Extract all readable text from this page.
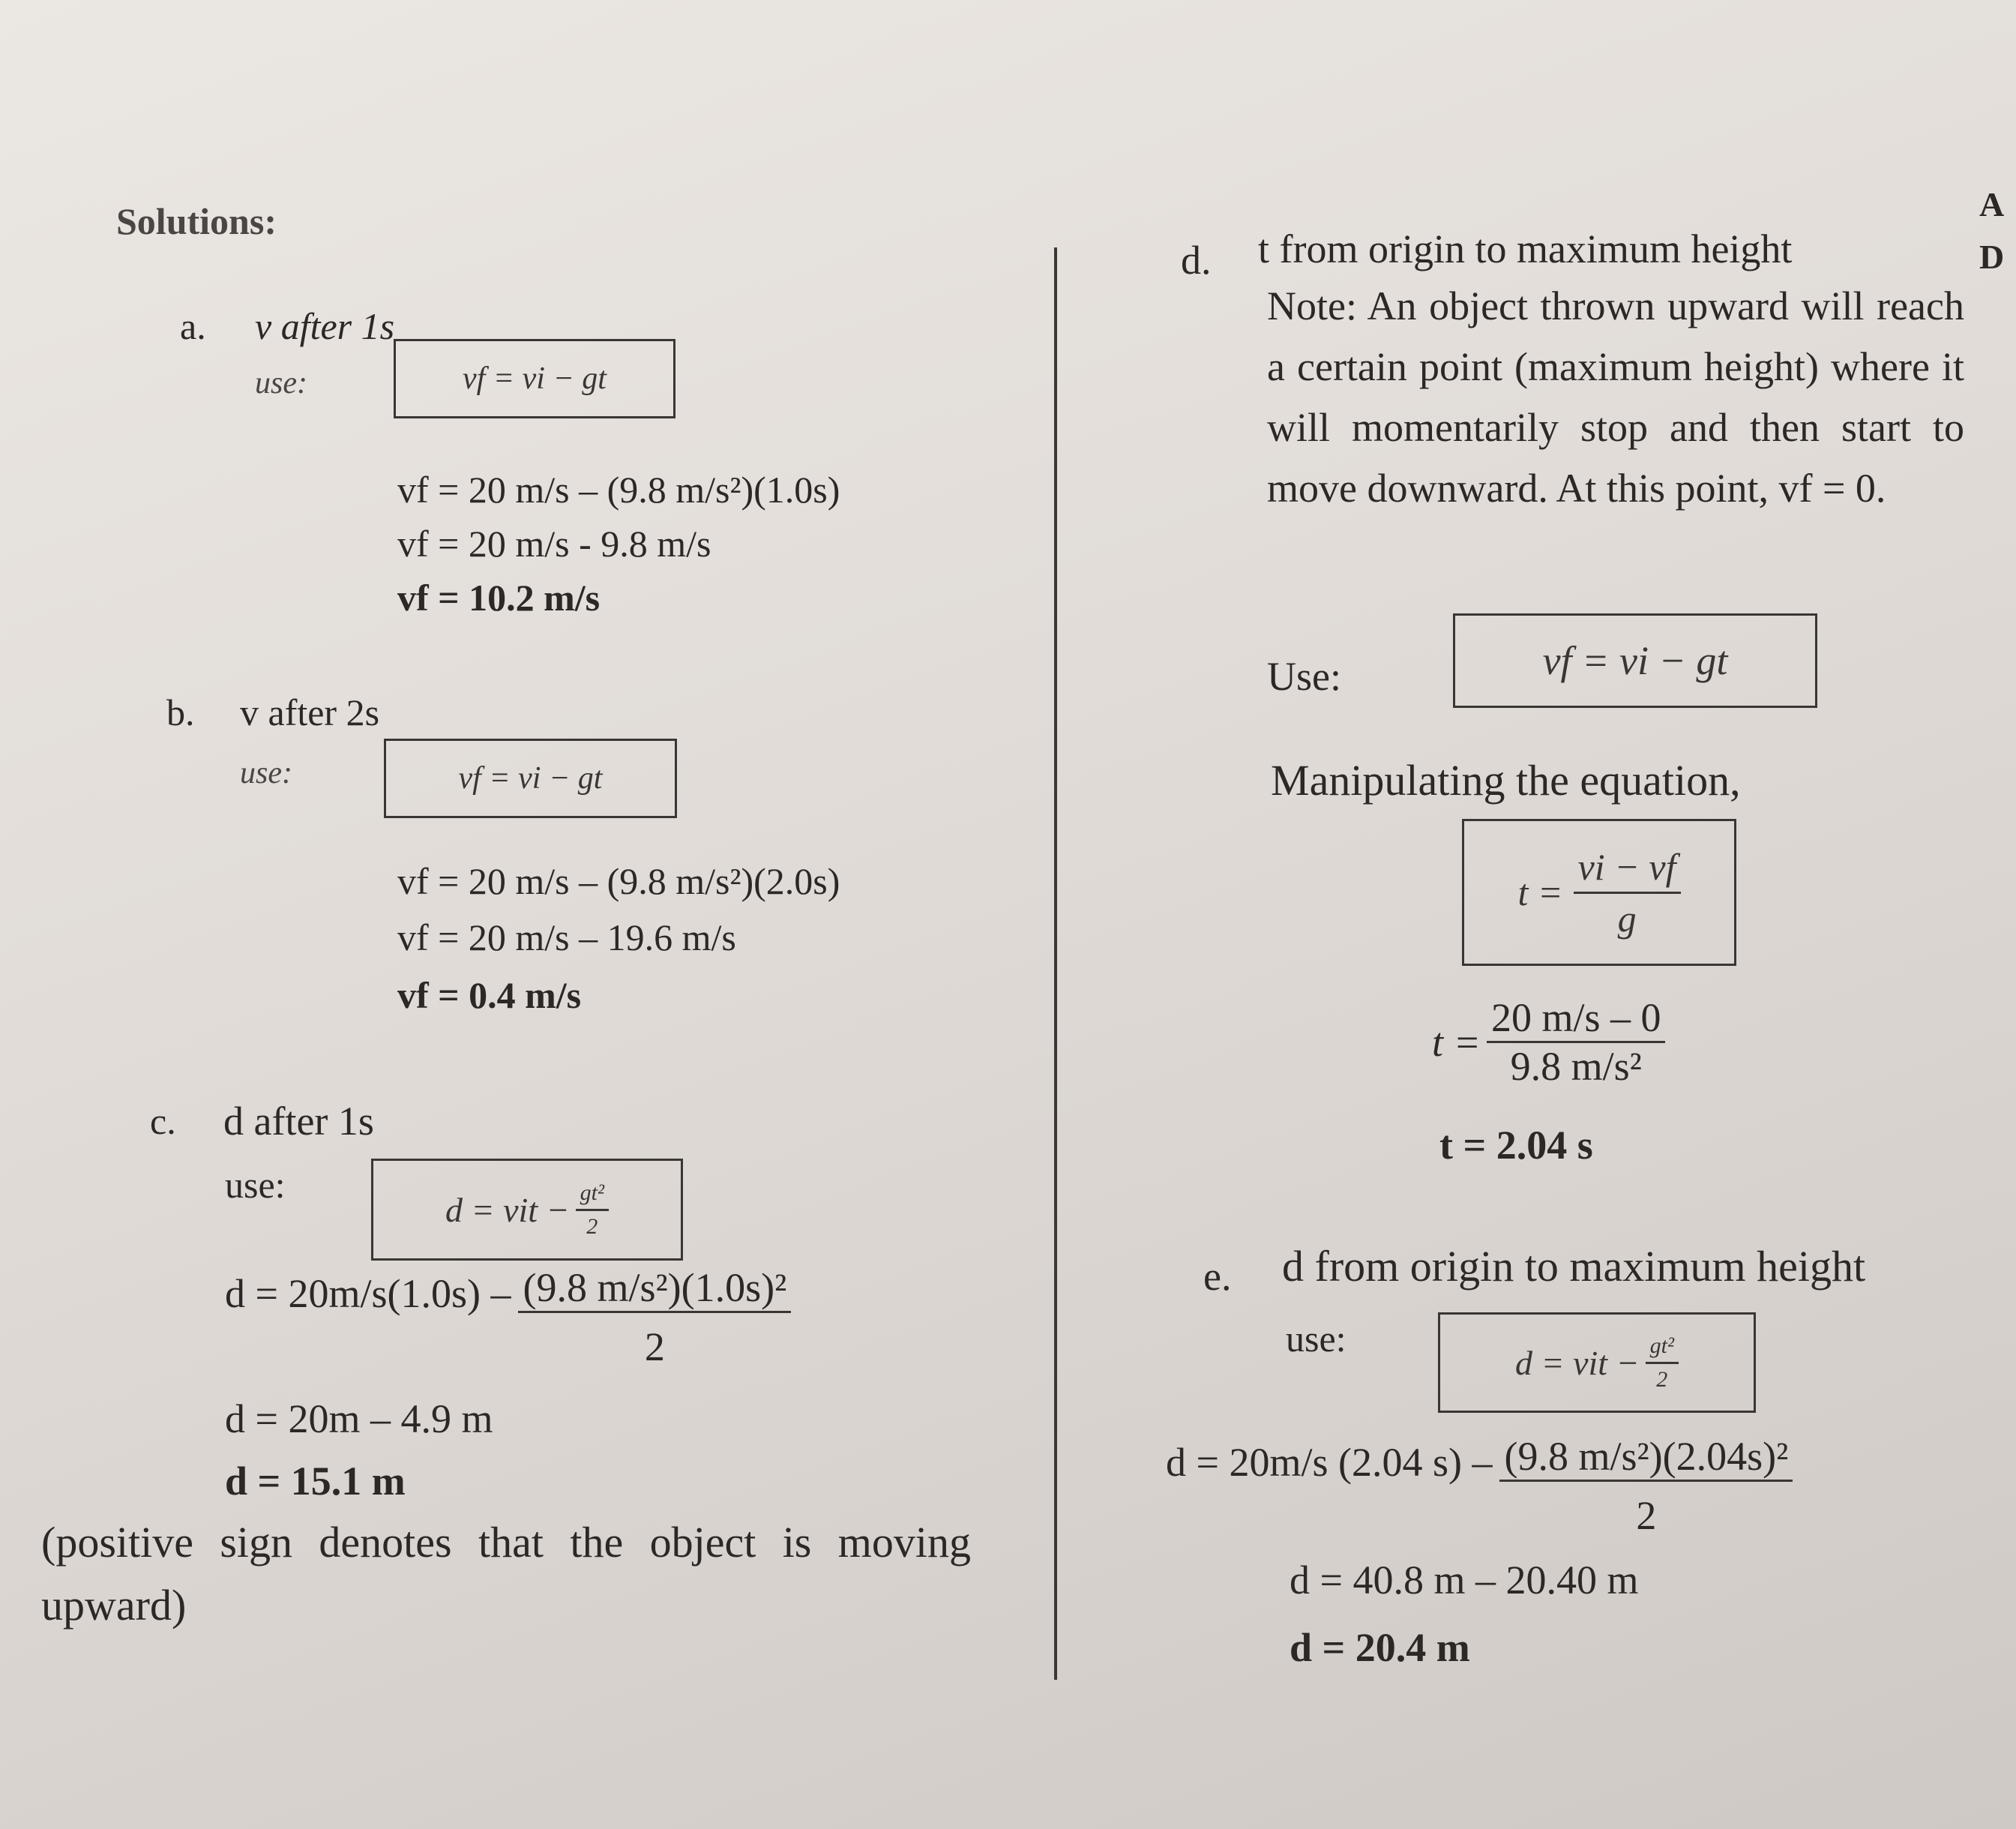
Solutions:	A
D
a. v after 1s
use:	vf = vi − gt
vf = 20 m/s – (9.8 m/s²)(1.0s)
vf = 20 m/s - 9.8 m/s
vf = 10.2 m/s
b. v after 2s
use:	vf = vi − gt
vf = 20 m/s – (9.8 m/s²)(2.0s)
vf = 20 m/s – 19.6 m/s
vf = 0.4 m/s
c. d after 1s
use:
d = vit − $\frac{\text{gt²}}{2}$
$d = 20m/s(1.0s) - \frac{\text{(9.8 m/s²)(1.0s)²}}{2}$
d = 20m – 4.9 m
d = 15.1 m
(positive sign denotes that the object is moving upward)
d. t from origin to maximum height
Note: An object thrown upward will reach a certain point (maximum height) where it will momentarily stop and then start to move downward. At this point, vf = 0.
Use:	vf = vi − gt
Manipulating the equation,
$t = \frac{vi - vf}{g}$
$t = \frac{20 m/s - 0}{\text{9.8 m/s²}}$
t = 2.04 s
e. d from origin to maximum height
use:
d = vit − $\frac{\text{gt²}}{2}$
d = 20m/s (2.04 $s) - \frac{\text{(9.8 m/s²)(2.04s)²}}{2}$
d = 40.8 m – 20.40 m
d = 20.4 m
